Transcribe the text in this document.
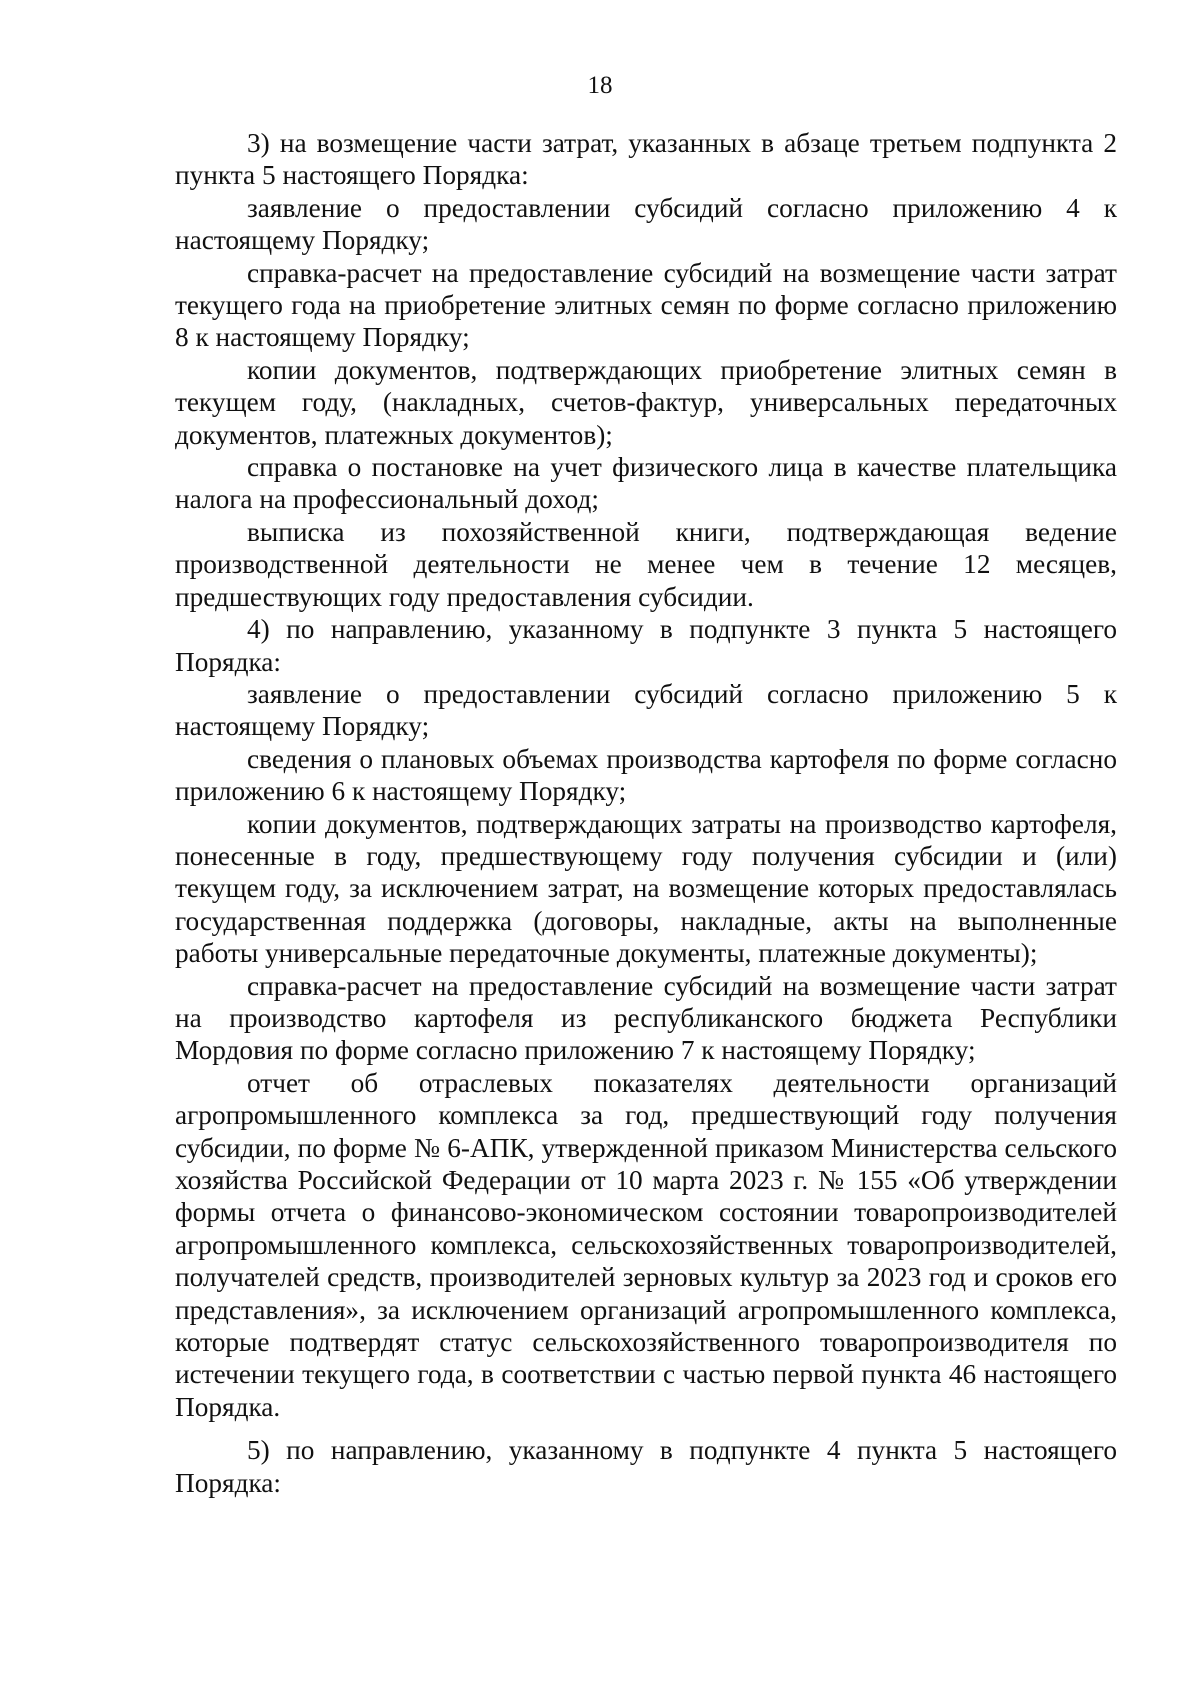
18

3) на возмещение части затрат, указанных в абзаце третьем подпункта 2 пункта 5 настоящего Порядка:

заявление о предоставлении субсидий согласно приложению 4 к настоящему Порядку;

справка-расчет на предоставление субсидий на возмещение части затрат текущего года на приобретение элитных семян по форме согласно приложению 8 к настоящему Порядку;

копии документов, подтверждающих приобретение элитных семян в текущем году, (накладных, счетов-фактур, универсальных передаточных документов, платежных документов);

справка о постановке на учет физического лица в качестве плательщика налога на профессиональный доход;

выписка из похозяйственной книги, подтверждающая ведение производственной деятельности не менее чем в течение 12 месяцев, предшествующих году предоставления субсидии.

4) по направлению, указанному в подпункте 3 пункта 5 настоящего Порядка:

заявление о предоставлении субсидий согласно приложению 5 к настоящему Порядку;

сведения о плановых объемах производства картофеля по форме согласно приложению 6 к настоящему Порядку;

копии документов, подтверждающих затраты на производство картофеля, понесенные в году, предшествующему году получения субсидии и (или) текущем году, за исключением затрат, на возмещение которых предоставлялась государственная поддержка (договоры, накладные, акты на выполненные работы универсальные передаточные документы, платежные документы);

справка-расчет на предоставление субсидий на возмещение части затрат на производство картофеля из республиканского бюджета Республики Мордовия по форме согласно приложению 7 к настоящему Порядку;

отчет об отраслевых показателях деятельности организаций агропромышленного комплекса за год, предшествующий году получения субсидии, по форме № 6-АПК, утвержденной приказом Министерства сельского хозяйства Российской Федерации от 10 марта 2023 г. № 155 «Об утверждении формы отчета о финансово-экономическом состоянии товаропроизводителей агропромышленного комплекса, сельскохозяйственных товаропроизводителей, получателей средств, производителей зерновых культур за 2023 год и сроков его представления», за исключением организаций агропромышленного комплекса, которые подтвердят статус сельскохозяйственного товаропроизводителя по истечении текущего года, в соответствии с частью первой пункта 46 настоящего Порядка.

5) по направлению, указанному в подпункте 4 пункта 5 настоящего Порядка:
